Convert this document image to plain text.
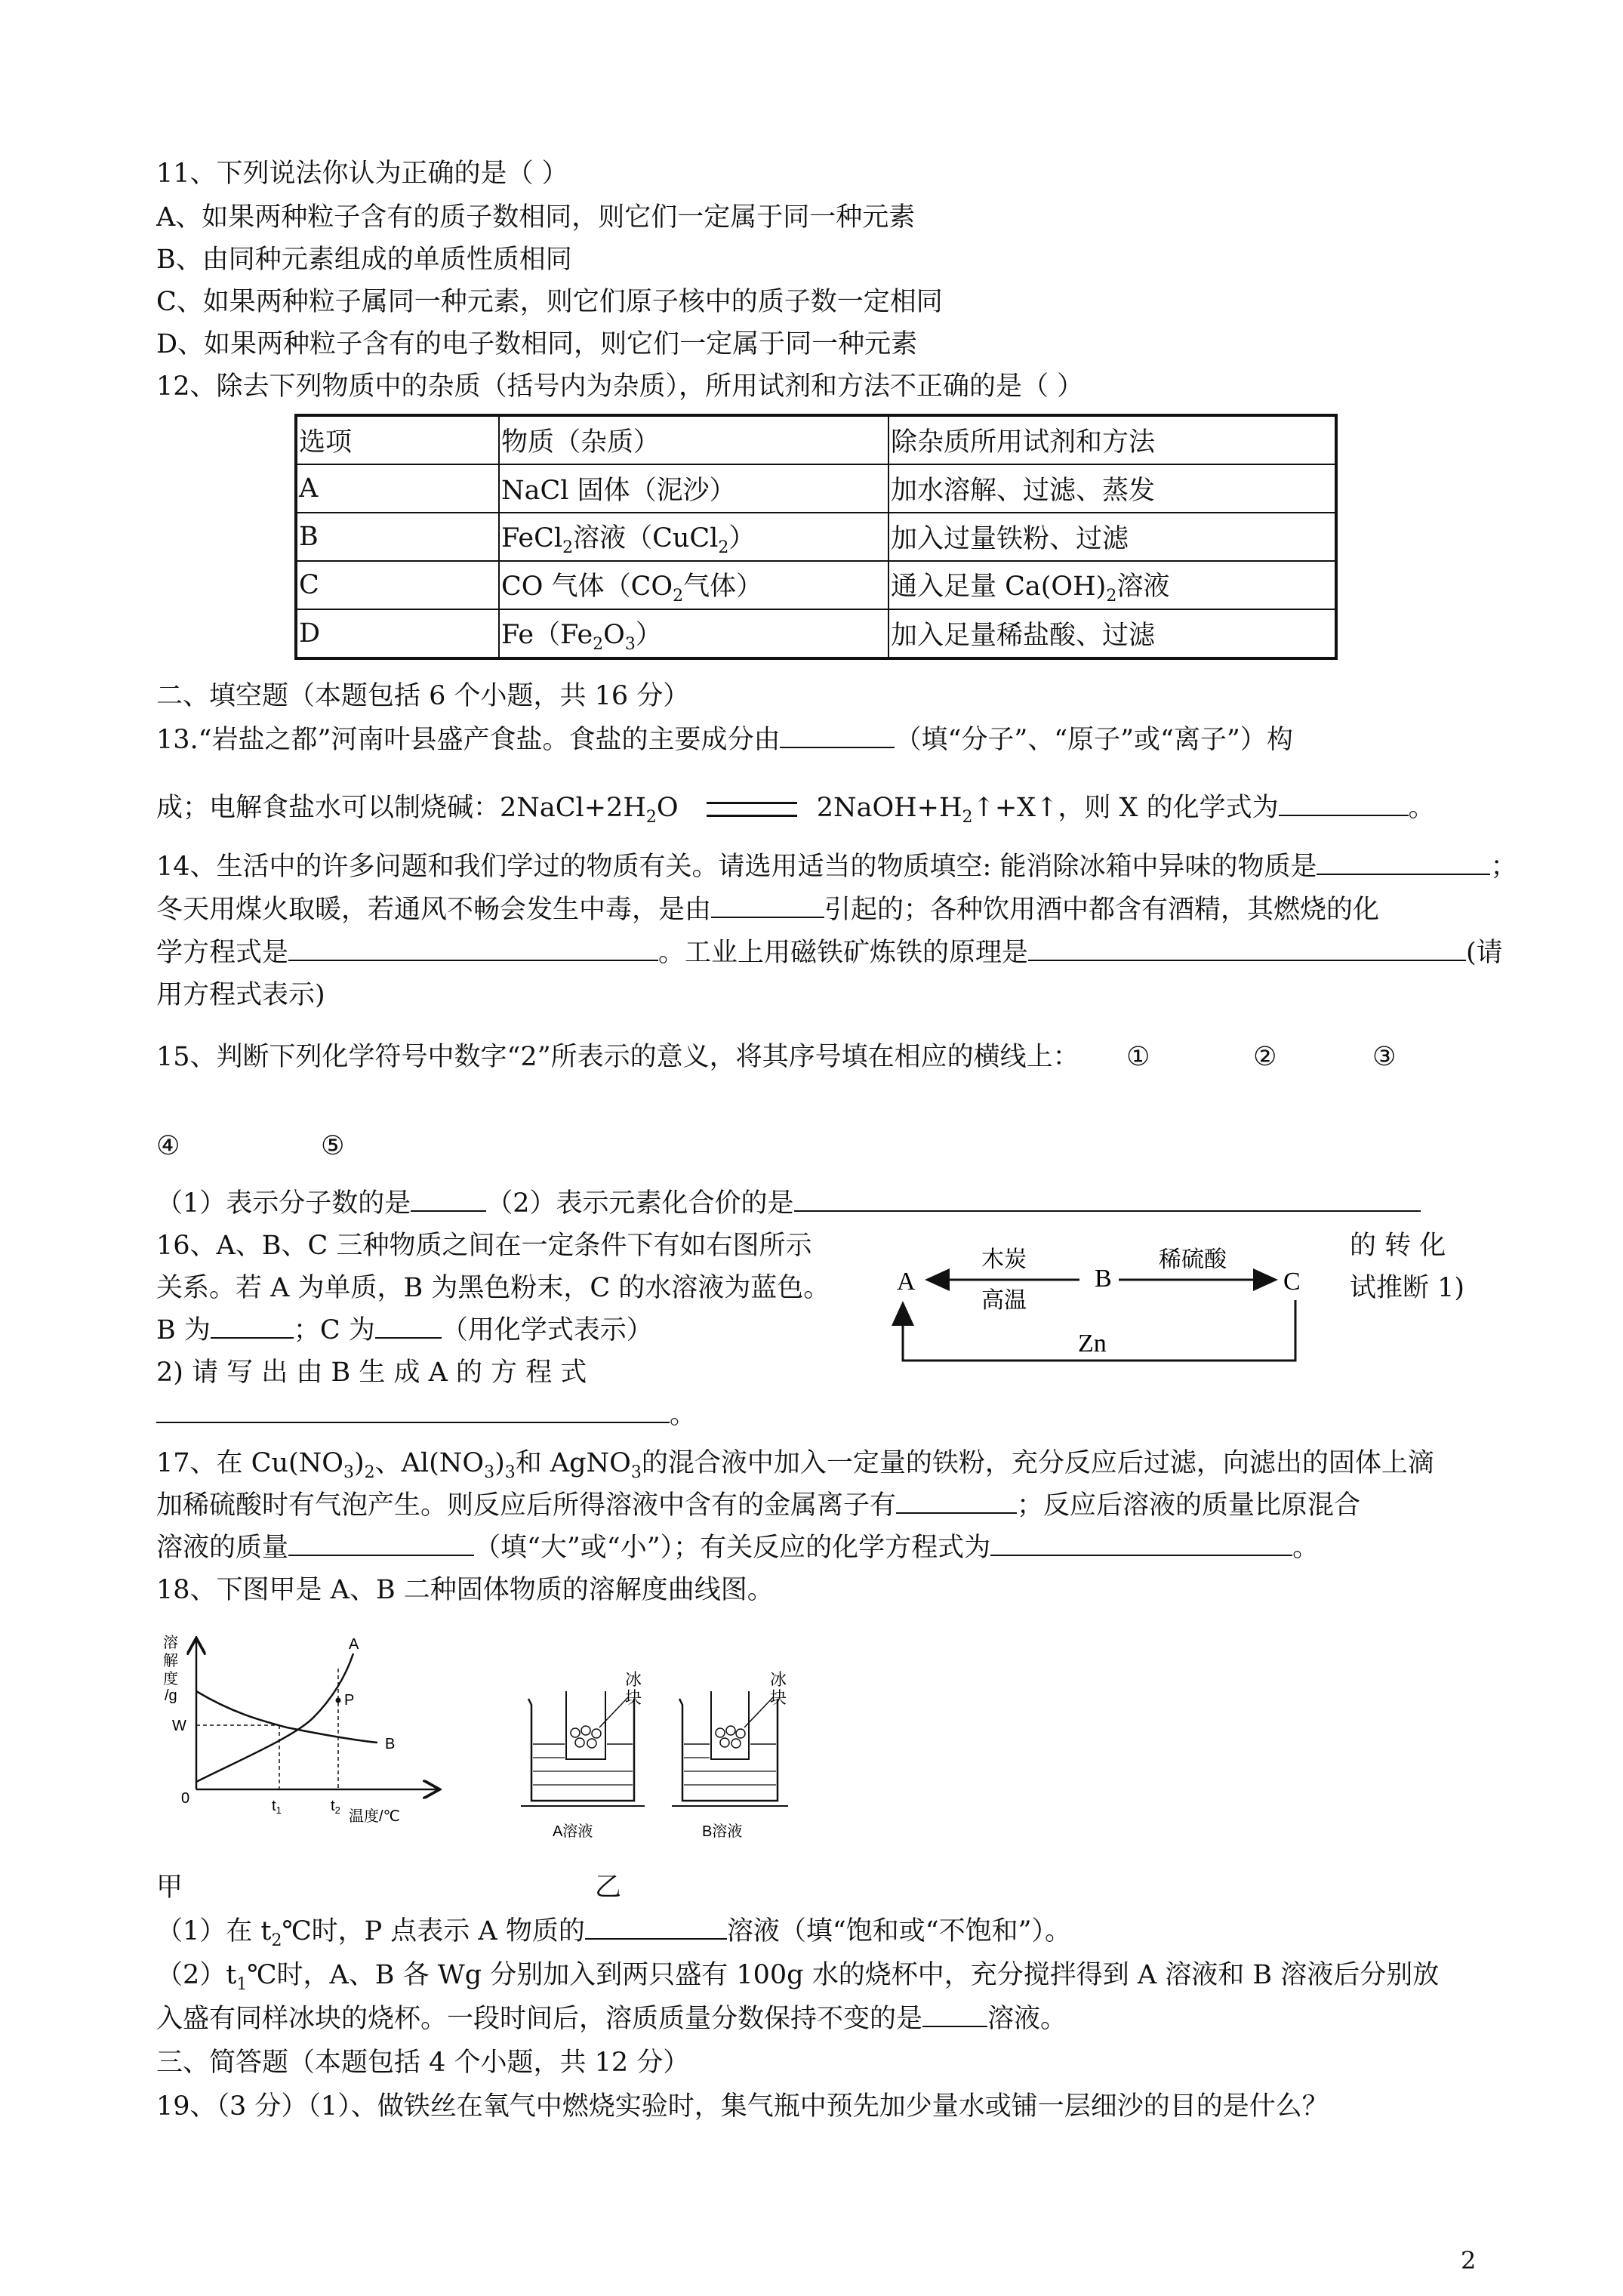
11、下列说法你认为正确的是（ ）
A、如果两种粒子含有的质子数相同，则它们一定属于同一种元素
B、由同种元素组成的单质性质相同
C、如果两种粒子属同一种元素，则它们原子核中的质子数一定相同
D、如果两种粒子含有的电子数相同，则它们一定属于同一种元素
12、除去下列物质中的杂质（括号内为杂质），所用试剂和方法不正确的是（ ）
选项	物质（杂质）	除杂质所用试剂和方法
A	NaCl 固体（泥沙）	加水溶解、过滤、蒸发
B	FeCl$_2$溶液（CuCl$_2$）	加入过量铁粉、过滤
C	CO 气体（$CO_2$气体）	通入足量 $Ca(OH)_2$溶液
D	$Fe(Fe_2O_3)$	加入足量稀盐酸、过滤
二、填空题（本题包括 6 个小题，共 16 分）
13.“岩盐之都”河南叶县盛产食盐。食盐的主要成分由	（填“分子”、“原子”或“离子”）构
成；电解食盐水可以制烧碱：$2NaCl+2H_2O$	$2NaOH+H_2↑+X↑$，则 X 的化学式为	。
14、生活中的许多问题和我们学过的物质有关。请选用适当的物质填空: 能消除冰箱中异味的物质是	；
冬天用煤火取暖，若通风不畅会发生中毒，是由	引起的；各种饮用酒中都含有酒精，其燃烧的化
学方程式是	。工业上用磁铁矿炼铁的原理是	(请
用方程式表示)
15、判断下列化学符号中数字“2”所表示的意义，将其序号填在相应的横线上： ①	②	③
④	⑤
（1）表示分子数的是	（2）表示元素化合价的是
16、A、B、C 三种物质之间在一定条件下有如右图所示	的 转 化
关系。若 A 为单质，B 为黑色粉末，C 的水溶液为蓝色。	试推断 1)
B 为	；C 为	（用化学式表示）
2) 请 写 出 由 B 生 成 A 的 方 程 式
。
A	B	C
木炭
高温
稀硫酸
Zn
17、在 $Cu(NO_3)_2$、$Al(NO_3)_3$和 AgNO$_3$的混合液中加入一定量的铁粉，充分反应后过滤，向滤出的固体上滴
加稀硫酸时有气泡产生。则反应后所得溶液中含有的金属离子有	；反应后溶液的质量比原混合
溶液的质量	（填“大”或“小”）；有关反应的化学方程式为	。
18、下图甲是 A、B 二种固体物质的溶解度曲线图。
溶
解
度
/g
W
0
P
A
B
$t_1$	$t_2$ 温度/℃
冰
块
A溶液
冰
块
B溶液
甲	乙
（1）在 $t_2℃$时，P 点表示 A 物质的	溶液（填“饱和或“不饱和”）。
$(2)t_1℃$时，A、B 各 Wg 分别加入到两只盛有 100g 水的烧杯中，充分搅拌得到 A 溶液和 B 溶液后分别放
入盛有同样冰块的烧杯。一段时间后，溶质质量分数保持不变的是 溶液。
三、简答题（本题包括 4 个小题，共 12 分）
19、（3 分）（1）、做铁丝在氧气中燃烧实验时，集气瓶中预先加少量水或铺一层细沙的目的是什么？
2
